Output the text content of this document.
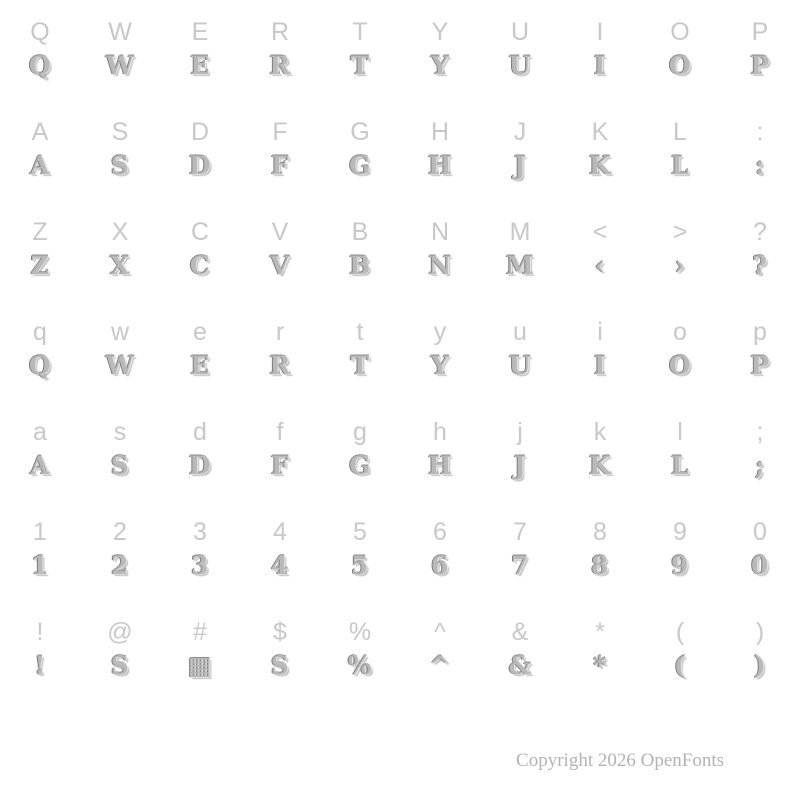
Q
Q
W
W
E
E
R
R
T
T
Y
Y
U
U
I
I
O
O
P
P
A
A
S
S
D
D
F
F
G
G
H
H
J
J
K
K
L
L
:
:
Z
Z
X
X
C
C
V
V
B
B
N
N
M
M
<
‹
>
›
?
?
q
Q
w
W
e
E
r
R
t
T
y
Y
u
U
i
I
o
O
p
P
a
A
s
S
d
D
f
F
g
G
h
H
j
J
k
K
l
L
;
;
1
1
2
2
3
3
4
4
5
5
6
6
7
7
8
8
9
9
0
0
!
!
@
S
#
▦
$
S
%
%
^
^
&
&
*
*
(
(
)
)
Copyright 2026 OpenFonts
